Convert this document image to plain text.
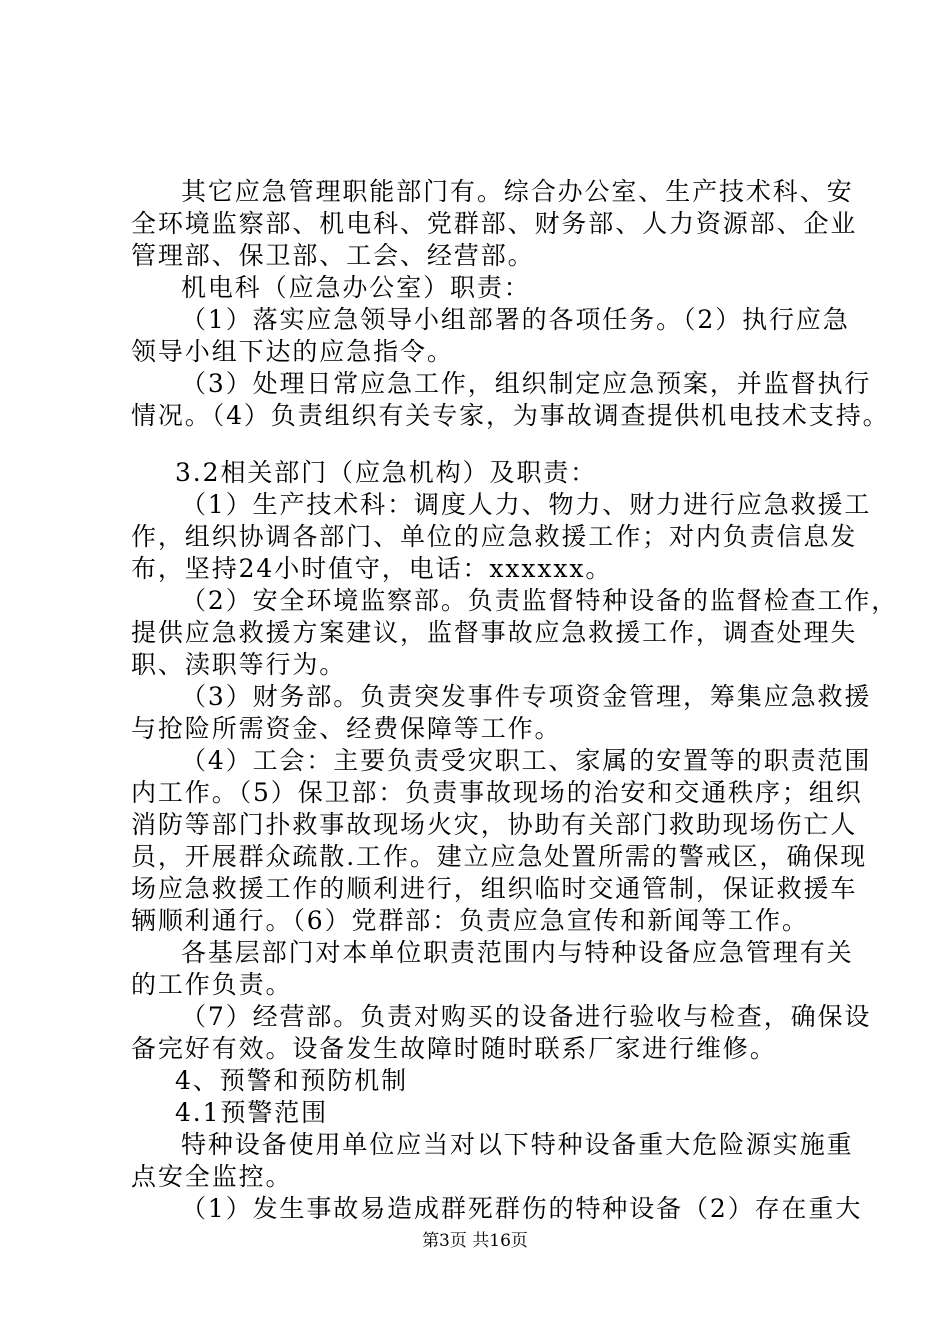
其它应急管理职能部门有。综合办公室、生产技术科、安
全环境监察部、机电科、党群部、财务部、人力资源部、企业
管理部、保卫部、工会、经营部。
机电科（应急办公室）职责：
（1）落实应急领导小组部署的各项任务。（2）执行应急
领导小组下达的应急指令。
（3）处理日常应急工作，组织制定应急预案，并监督执行
情况。（4）负责组织有关专家，为事故调查提供机电技术支持。
3.2相关部门（应急机构）及职责：
（1）生产技术科：调度人力、物力、财力进行应急救援工
作，组织协调各部门、单位的应急救援工作；对内负责信息发
布，坚持24小时值守，电话：xxxxxx。
（2）安全环境监察部。负责监督特种设备的监督检查工作，
提供应急救援方案建议，监督事故应急救援工作，调查处理失
职、渎职等行为。
（3）财务部。负责突发事件专项资金管理，筹集应急救援
与抢险所需资金、经费保障等工作。
（4）工会：主要负责受灾职工、家属的安置等的职责范围
内工作。（5）保卫部：负责事故现场的治安和交通秩序；组织
消防等部门扑救事故现场火灾，协助有关部门救助现场伤亡人
员，开展群众疏散.工作。建立应急处置所需的警戒区，确保现
场应急救援工作的顺利进行，组织临时交通管制，保证救援车
辆顺利通行。（6）党群部：负责应急宣传和新闻等工作。
各基层部门对本单位职责范围内与特种设备应急管理有关
的工作负责。
（7）经营部。负责对购买的设备进行验收与检查，确保设
备完好有效。设备发生故障时随时联系厂家进行维修。
4、预警和预防机制
4.1预警范围
特种设备使用单位应当对以下特种设备重大危险源实施重
点安全监控。
（1）发生事故易造成群死群伤的特种设备（2）存在重大
第3页 共16页
